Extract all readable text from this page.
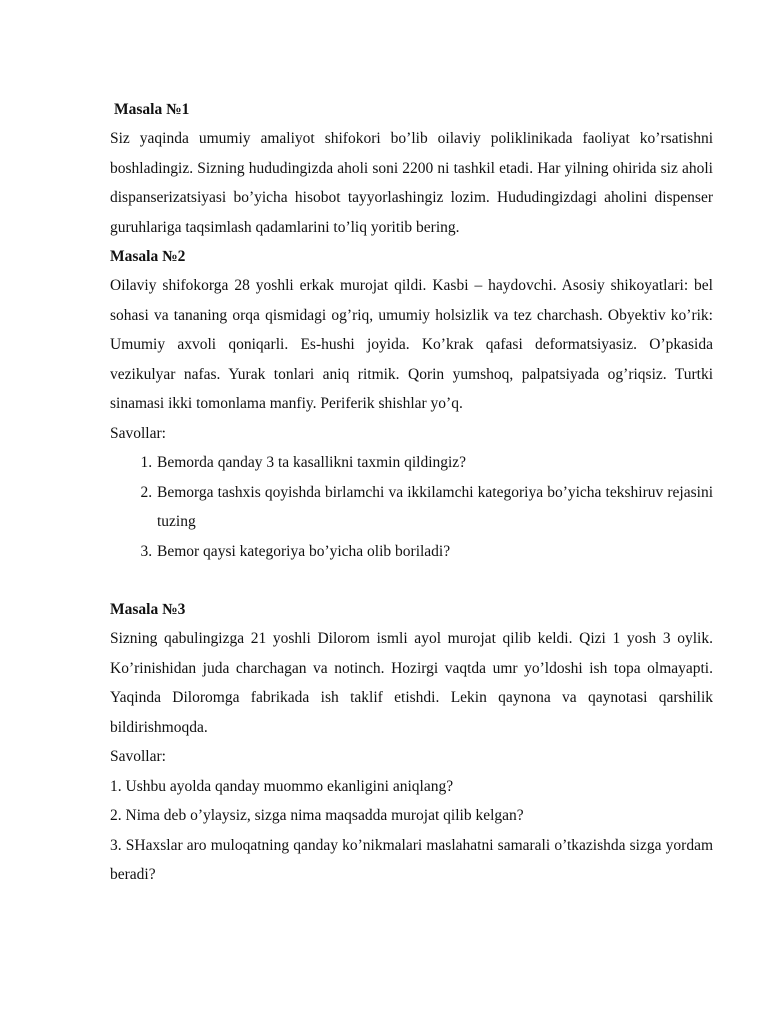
Masala №1

Siz yaqinda umumiy amaliyot shifokori bo’lib oilaviy poliklinikada faoliyat ko’rsatishni boshladingiz. Sizning hududingizda aholi soni 2200 ni tashkil etadi. Har yilning ohirida siz aholi dispanserizatsiyasi bo’yicha hisobot tayyorlashingiz lozim. Hududingizdagi aholini dispenser guruhlariga taqsimlash qadamlarini to’liq yoritib bering.

Masala №2

Oilaviy shifokorga 28 yoshli erkak murojat qildi. Kasbi – haydovchi. Asosiy shikoyatlari: bel sohasi va tananing orqa qismidagi og’riq, umumiy holsizlik va tez charchash. Obyektiv ko’rik: Umumiy axvoli qoniqarli. Es-hushi joyida. Ko’krak qafasi deformatsiyasiz. O’pkasida vezikulyar nafas. Yurak tonlari aniq ritmik. Qorin yumshoq, palpatsiyada og’riqsiz. Turtki sinamasi ikki tomonlama manfiy. Periferik shishlar yo’q.

Savollar:

1. Bemorda qanday 3 ta kasallikni taxmin qildingiz?
2. Bemorga tashxis qoyishda birlamchi va ikkilamchi kategoriya bo’yicha tekshiruv rejasini tuzing
3. Bemor qaysi kategoriya bo’yicha olib boriladi?

Masala №3

Sizning qabulingizga 21 yoshli Dilorom ismli ayol murojat qilib keldi. Qizi 1 yosh 3 oylik. Ko’rinishidan juda charchagan va notinch. Hozirgi vaqtda umr yo’ldoshi ish topa olmayapti. Yaqinda Diloromga fabrikada ish taklif etishdi. Lekin qaynona va qaynotasi qarshilik bildirishmoqda.

Savollar:

1. Ushbu ayolda qanday muommo ekanligini aniqlang?

2. Nima deb o’ylaysiz, sizga nima maqsadda murojat qilib kelgan?

3. SHaxslar aro muloqatning qanday ko’nikmalari maslahatni samarali o’tkazishda sizga yordam beradi?
